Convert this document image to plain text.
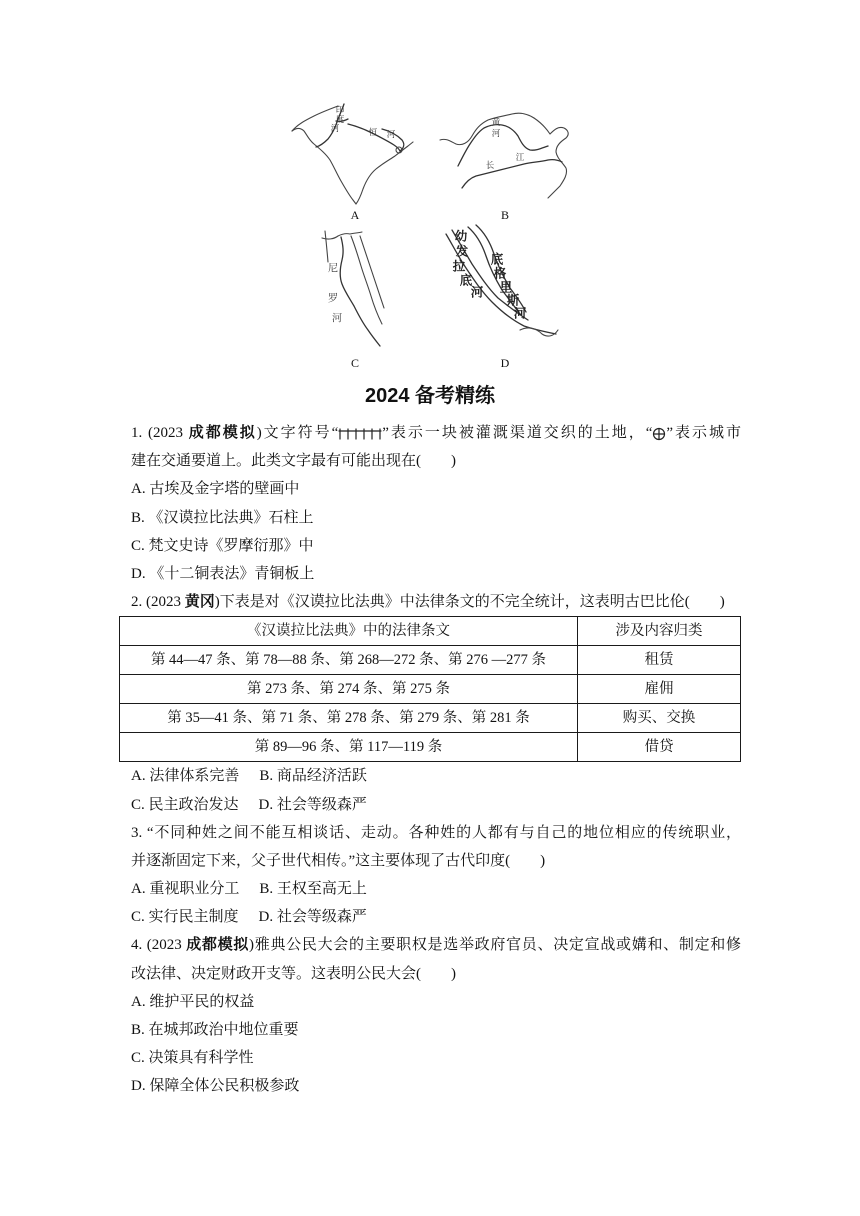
印
度
河	恒 河
A
黄
河
长
江
B
尼
罗
河
C
幼
发
拉
底
河
底
格
里
斯
河
D
2024 备考精练
1. (2023 成都模拟)文字符号“	”表示一块被灌溉渠道交织的土地，“ ”表示城市
建在交通要道上。此类文字最有可能出现在(　　)
A. 古埃及金字塔的壁画中
B. 《汉谟拉比法典》石柱上
C. 梵文史诗《罗摩衍那》中
D. 《十二铜表法》青铜板上
2. (2023 黄冈)下表是对《汉谟拉比法典》中法律条文的不完全统计，这表明古巴比伦(　　)
《汉谟拉比法典》中的法律条文	涉及内容归类
第 44—47 条、第 78—88 条、第 268—272 条、第 276 —277 条	租赁
第 273 条、第 274 条、第 275 条	雇佣
第 35—41 条、第 71 条、第 278 条、第 279 条、第 281 条	购买、交换
第 89—96 条、第 117—119 条	借贷
A. 法律体系完善 B. 商品经济活跃
C. 民主政治发达 D. 社会等级森严
3. “不同种姓之间不能互相谈话、走动。各种姓的人都有与自己的地位相应的传统职业，
并逐渐固定下来，父子世代相传。”这主要体现了古代印度(　　)
A. 重视职业分工 B. 王权至高无上
C. 实行民主制度 D. 社会等级森严
4. (2023 成都模拟)雅典公民大会的主要职权是选举政府官员、决定宣战或媾和、制定和修
改法律、决定财政开支等。这表明公民大会(　　)
A. 维护平民的权益
B. 在城邦政治中地位重要
C. 决策具有科学性
D. 保障全体公民积极参政
